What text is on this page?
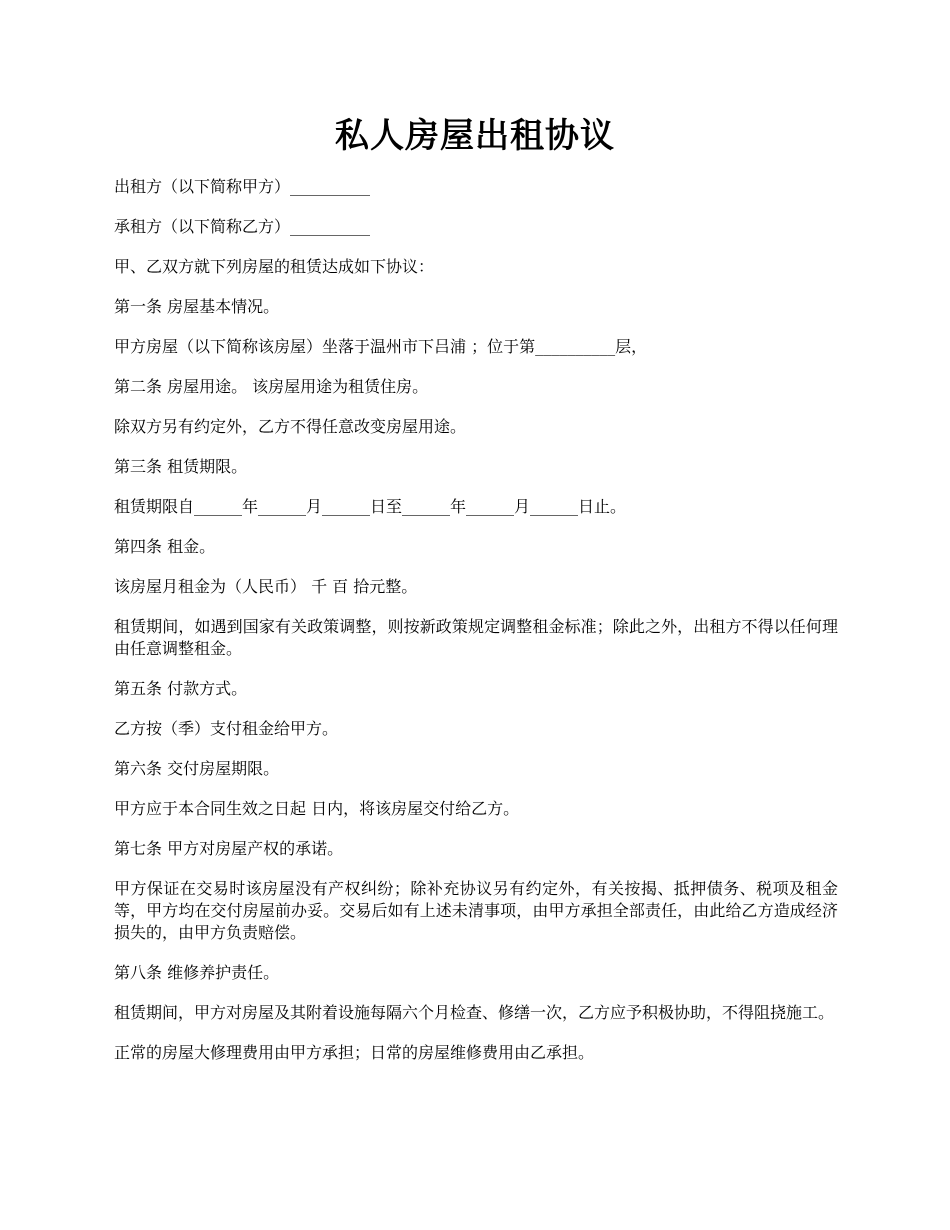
私人房屋出租协议

出租方（以下简称甲方）__________

承租方（以下简称乙方）__________

甲、乙双方就下列房屋的租赁达成如下协议：

第一条 房屋基本情况。

甲方房屋（以下简称该房屋）坐落于温州市下吕浦 ；位于第__________层，

第二条 房屋用途。 该房屋用途为租赁住房。

除双方另有约定外，乙方不得任意改变房屋用途。

第三条 租赁期限。

租赁期限自______年______月______日至______年______月______日止。

第四条 租金。

该房屋月租金为（人民币） 千 百 拾元整。

租赁期间，如遇到国家有关政策调整，则按新政策规定调整租金标准；除此之外，出租方不得以任何理由任意调整租金。

第五条 付款方式。

乙方按（季）支付租金给甲方。

第六条 交付房屋期限。

甲方应于本合同生效之日起 日内，将该房屋交付给乙方。

第七条 甲方对房屋产权的承诺。

甲方保证在交易时该房屋没有产权纠纷；除补充协议另有约定外，有关按揭、抵押债务、税项及租金等，甲方均在交付房屋前办妥。交易后如有上述未清事项，由甲方承担全部责任，由此给乙方造成经济损失的，由甲方负责赔偿。

第八条 维修养护责任。

租赁期间，甲方对房屋及其附着设施每隔六个月检查、修缮一次，乙方应予积极协助，不得阻挠施工。

正常的房屋大修理费用由甲方承担；日常的房屋维修费用由乙承担。
